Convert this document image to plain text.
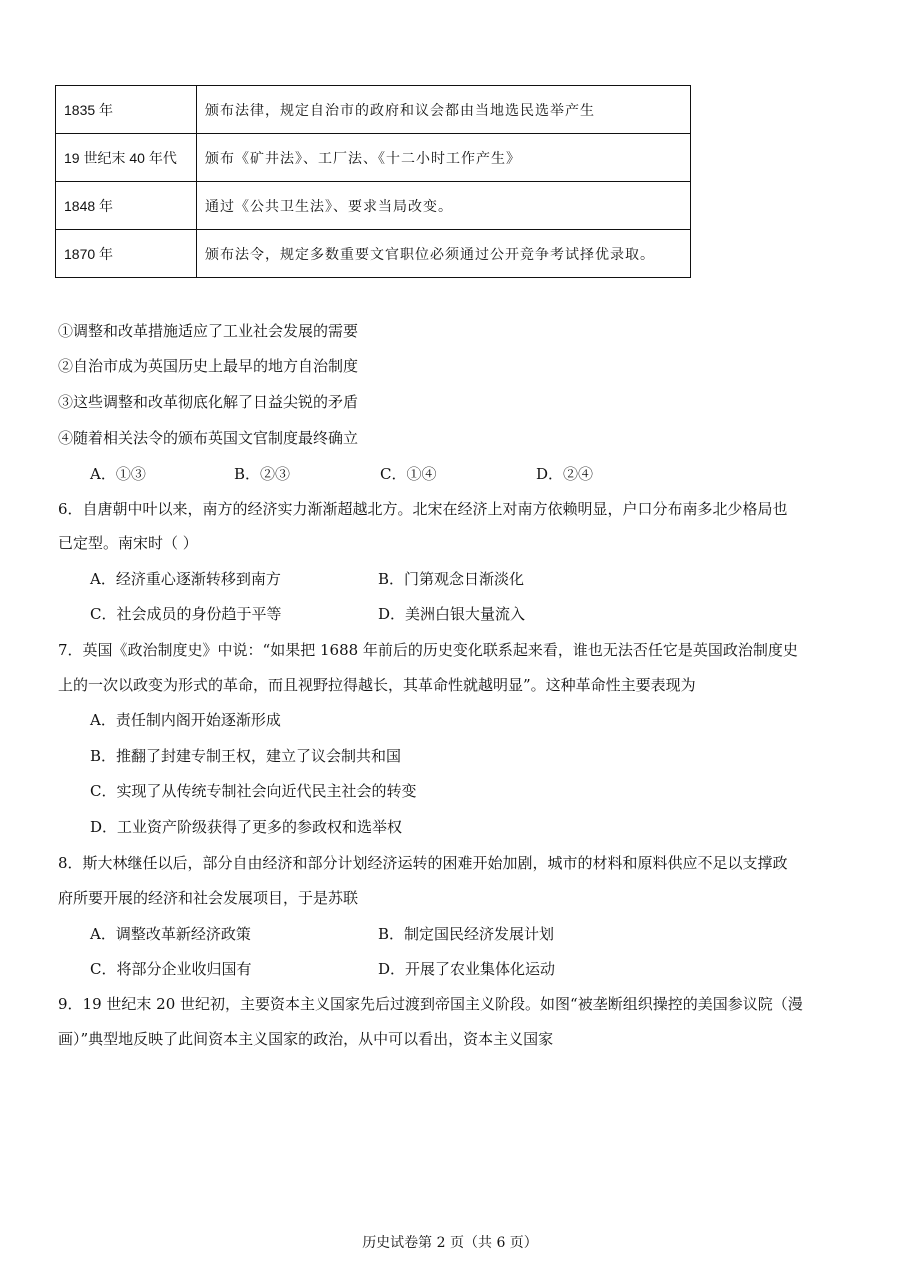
1835 年	颁布法律，规定自治市的政府和议会都由当地选民选举产生
19 世纪末 40 年代	颁布《矿井法》、工厂法、《十二小时工作产生》
1848 年	通过《公共卫生法》、要求当局改变。
1870 年	颁布法令，规定多数重要文官职位必须通过公开竞争考试择优录取。
①调整和改革措施适应了工业社会发展的需要
②自治市成为英国历史上最早的地方自治制度
③这些调整和改革彻底化解了日益尖锐的矛盾
④随着相关法令的颁布英国文官制度最终确立
A．①③	B．②③	C．①④	D．②④
6．自唐朝中叶以来，南方的经济实力渐渐超越北方。北宋在经济上对南方依赖明显，户口分布南多北少格局也
已定型。南宋时（ ）
A．经济重心逐渐转移到南方	B．门第观念日渐淡化
C．社会成员的身份趋于平等	D．美洲白银大量流入
7．英国《政治制度史》中说：“如果把 1688 年前后的历史变化联系起来看，谁也无法否任它是英国政治制度史
上的一次以政变为形式的革命，而且视野拉得越长，其革命性就越明显”。这种革命性主要表现为
A．责任制内阁开始逐渐形成
B．推翻了封建专制王权，建立了议会制共和国
C．实现了从传统专制社会向近代民主社会的转变
D．工业资产阶级获得了更多的参政权和选举权
8．斯大林继任以后，部分自由经济和部分计划经济运转的困难开始加剧，城市的材料和原料供应不足以支撑政
府所要开展的经济和社会发展项目，于是苏联
A．调整改革新经济政策	B．制定国民经济发展计划
C．将部分企业收归国有	D．开展了农业集体化运动
9．19 世纪末 20 世纪初，主要资本主义国家先后过渡到帝国主义阶段。如图“被垄断组织操控的美国参议院（漫
画）”典型地反映了此间资本主义国家的政治，从中可以看出，资本主义国家
历史试卷第 2 页（共 6 页）
